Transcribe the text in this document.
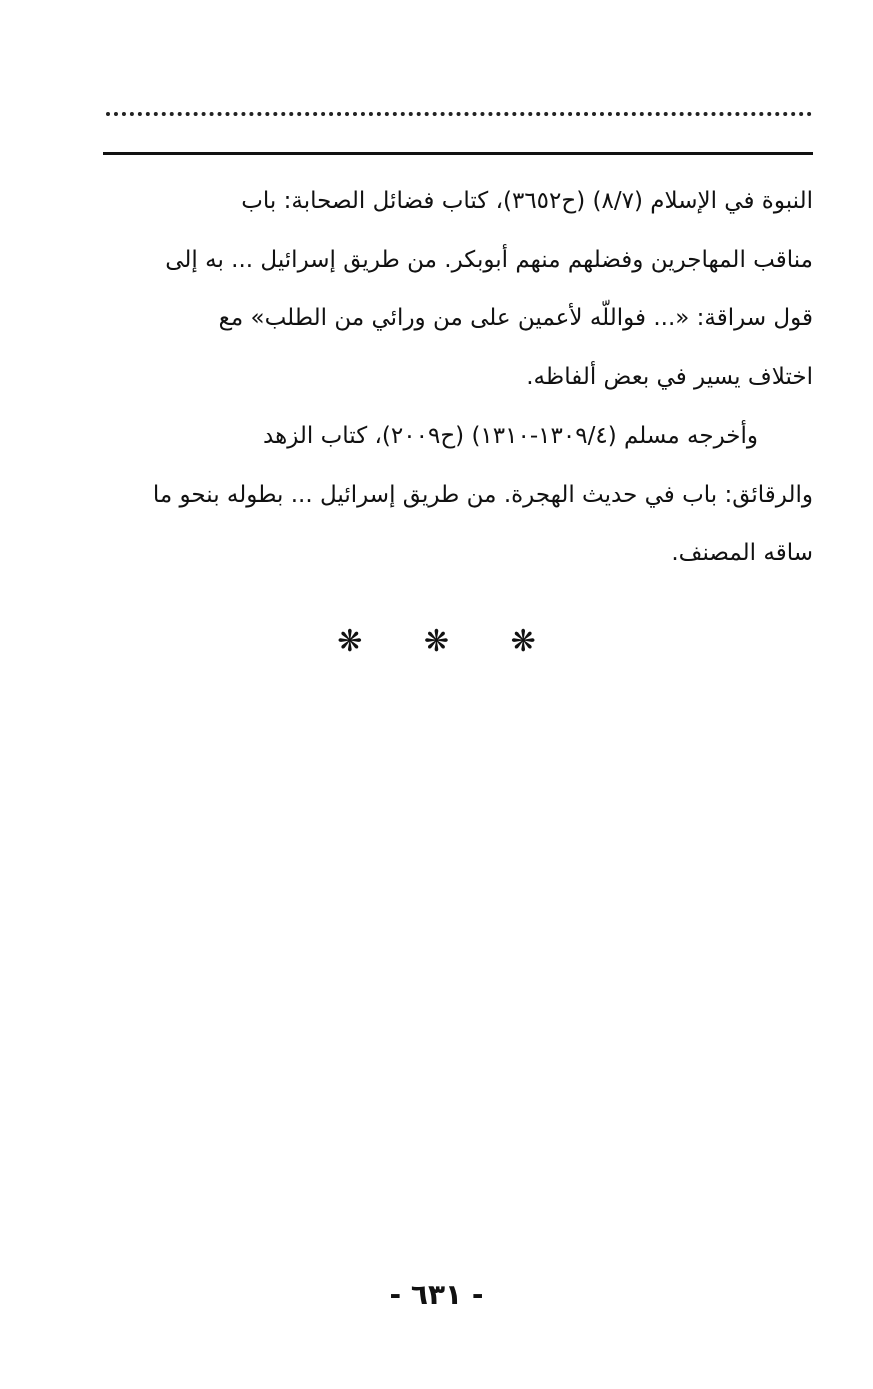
النبوة في الإسلام (٨/٧) (ح٣٦٥٢)، كتاب فضائل الصحابة: باب
مناقب المهاجرين وفضلهم منهم أبوبكر. من طريق إسرائيل ... به إلى
قول سراقة: «... فواللّه لأعمين على من ورائي من الطلب» مع
اختلاف يسير في بعض ألفاظه.
وأخرجه مسلم (١٣٠٩/٤-١٣١٠) (ح٢٠٠٩)، كتاب الزهد
والرقائق: باب في حديث الهجرة. من طريق إسرائيل ... بطوله بنحو ما
ساقه المصنف.
❋ ❋ ❋
- ٦٣١ -
